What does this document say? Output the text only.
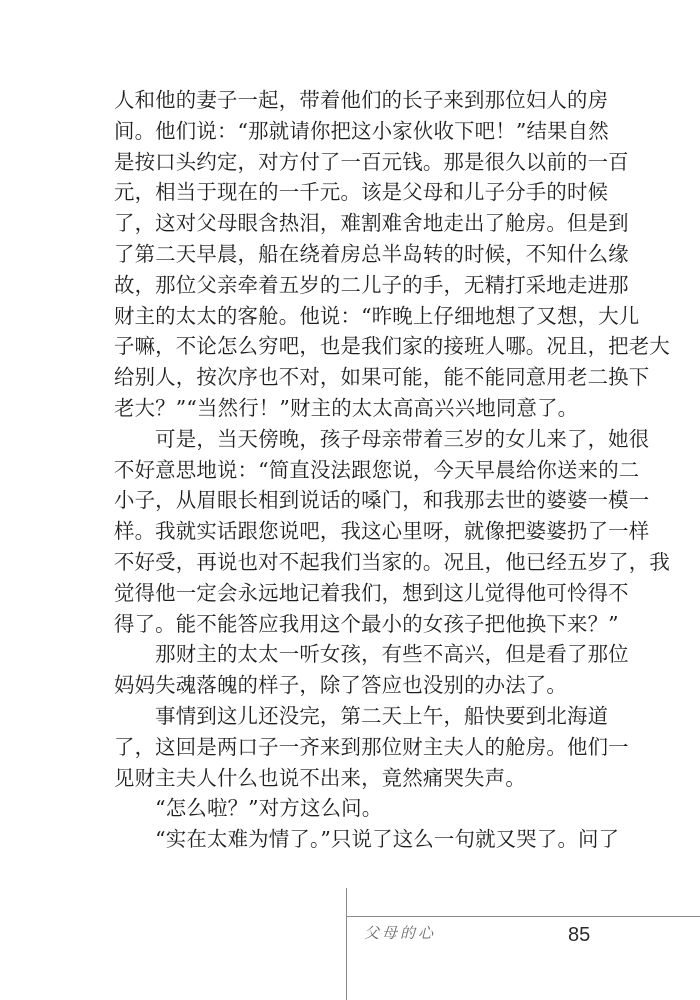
人和他的妻子一起，带着他们的长子来到那位妇人的房
间。他们说：“那就请你把这小家伙收下吧！”结果自然
是按口头约定，对方付了一百元钱。那是很久以前的一百
元，相当于现在的一千元。该是父母和儿子分手的时候
了，这对父母眼含热泪，难割难舍地走出了舱房。但是到
了第二天早晨，船在绕着房总半岛转的时候，不知什么缘
故，那位父亲牵着五岁的二儿子的手，无精打采地走进那
财主的太太的客舱。他说：“昨晚上仔细地想了又想，大儿
子嘛，不论怎么穷吧，也是我们家的接班人哪。况且，把老大
给别人，按次序也不对，如果可能，能不能同意用老二换下
老大？”“当然行！”财主的太太高高兴兴地同意了。
　　可是，当天傍晚，孩子母亲带着三岁的女儿来了，她很
不好意思地说：“简直没法跟您说，今天早晨给你送来的二
小子，从眉眼长相到说话的嗓门，和我那去世的婆婆一模一
样。我就实话跟您说吧，我这心里呀，就像把婆婆扔了一样
不好受，再说也对不起我们当家的。况且，他已经五岁了，我
觉得他一定会永远地记着我们，想到这儿觉得他可怜得不
得了。能不能答应我用这个最小的女孩子把他换下来？”
　　那财主的太太一听女孩，有些不高兴，但是看了那位
妈妈失魂落魄的样子，除了答应也没别的办法了。
　　事情到这儿还没完，第二天上午，船快要到北海道
了，这回是两口子一齐来到那位财主夫人的舱房。他们一
见财主夫人什么也说不出来，竟然痛哭失声。
　　“怎么啦？”对方这么问。
　　“实在太难为情了。”只说了这么一句就又哭了。问了
父母的心	85
